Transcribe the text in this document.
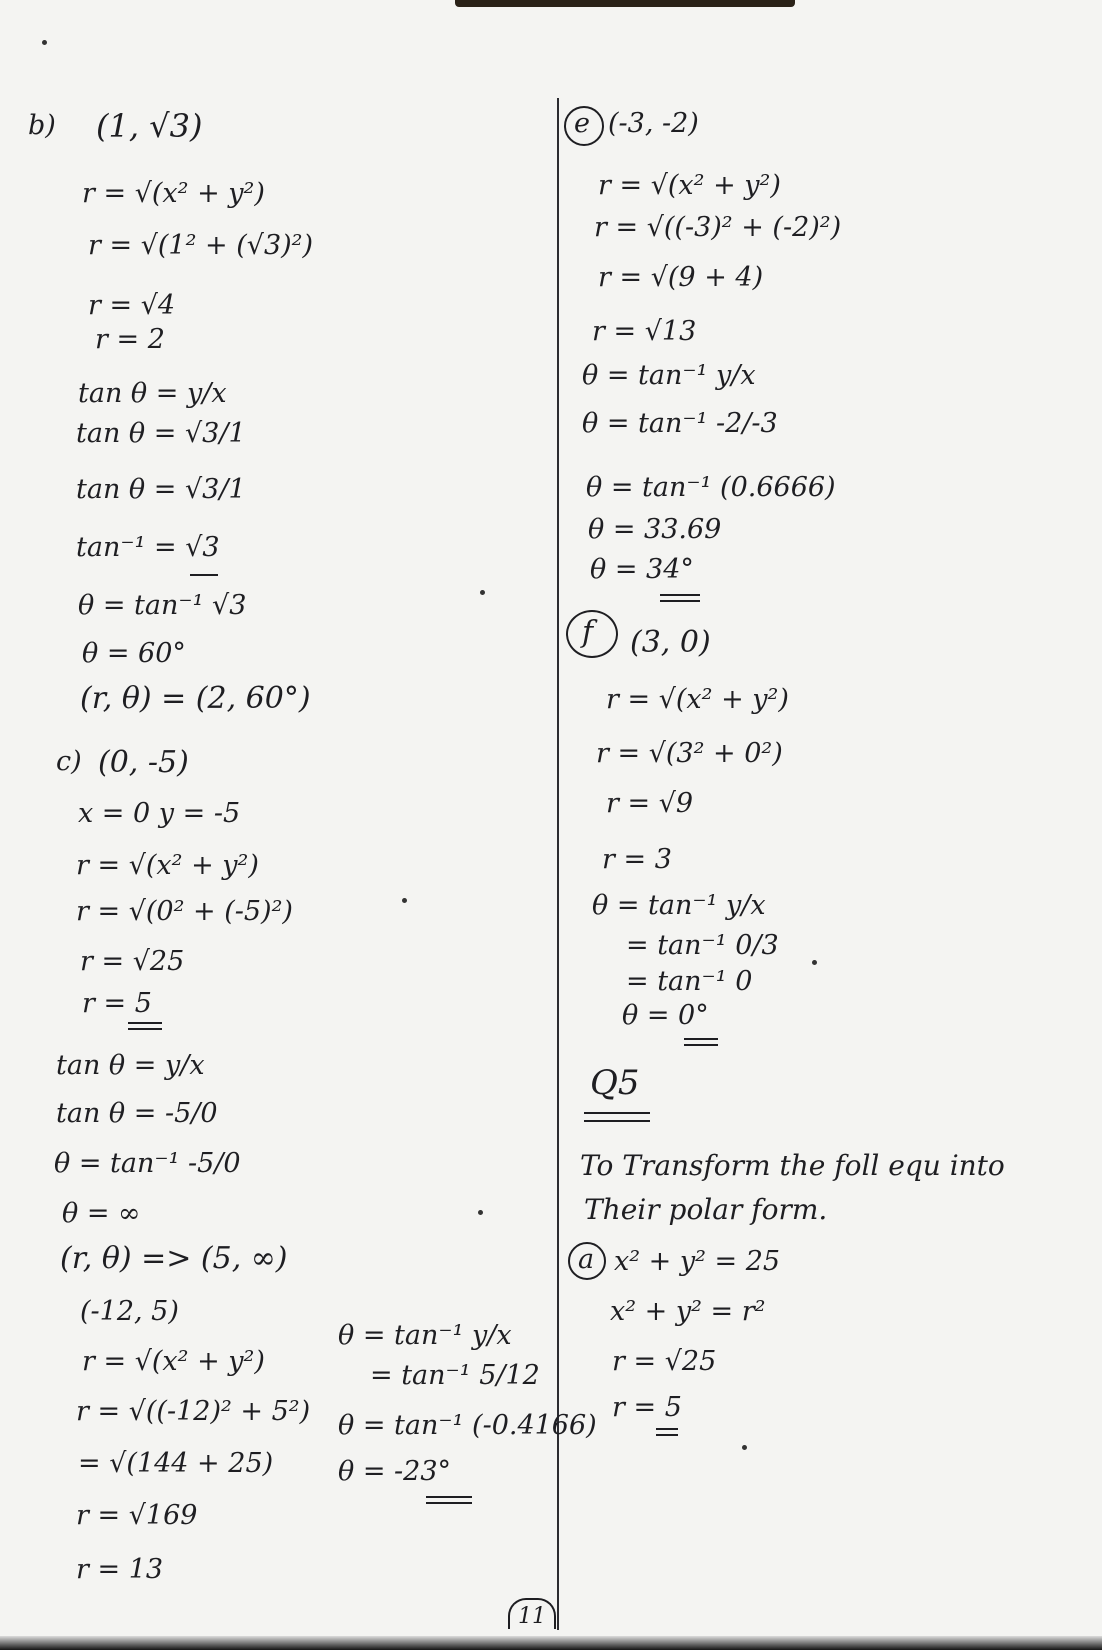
b) (1, √3)
r = √(x² + y²)
r = √(1² + (√3)²)
r = √4
r = 2
tan θ = y/x
tan θ = √3/1
tan θ = √3/1
tan⁻¹ = √3
θ = tan⁻¹ √3
θ = 60°
(r, θ) = (2, 60°)
c) (0, -5)
x = 0 y = -5
r = √(x² + y²)
r = √(0² + (-5)²)
r = √25
r = 5
tan θ = y/x
tan θ = -5/0
θ = tan⁻¹ -5/0
θ = ∞
(r, θ) => (5, ∞)
(-12, 5)
r = √(x² + y²)
r = √((-12)² + 5²)
= √(144 + 25)
r = √169
r = 13
θ = tan⁻¹ y/x
= tan⁻¹ 5/12
θ = tan⁻¹ (-0.4166)
θ = -23°
e (-3, -2)
r = √(x² + y²)
r = √((-3)² + (-2)²)
r = √(9 + 4)
r = √13
θ = tan⁻¹ y/x
θ = tan⁻¹ -2/-3
θ = tan⁻¹ (0.6666)
θ = 33.69
θ = 34°
f (3, 0)
r = √(x² + y²)
r = √(3² + 0²)
r = √9
r = 3
θ = tan⁻¹ y/x
= tan⁻¹ 0/3
= tan⁻¹ 0
θ = 0°
Q5
To Transform the foll equ into
Their polar form.
a x² + y² = 25
x² + y² = r²
r = √25
r = 5
11
